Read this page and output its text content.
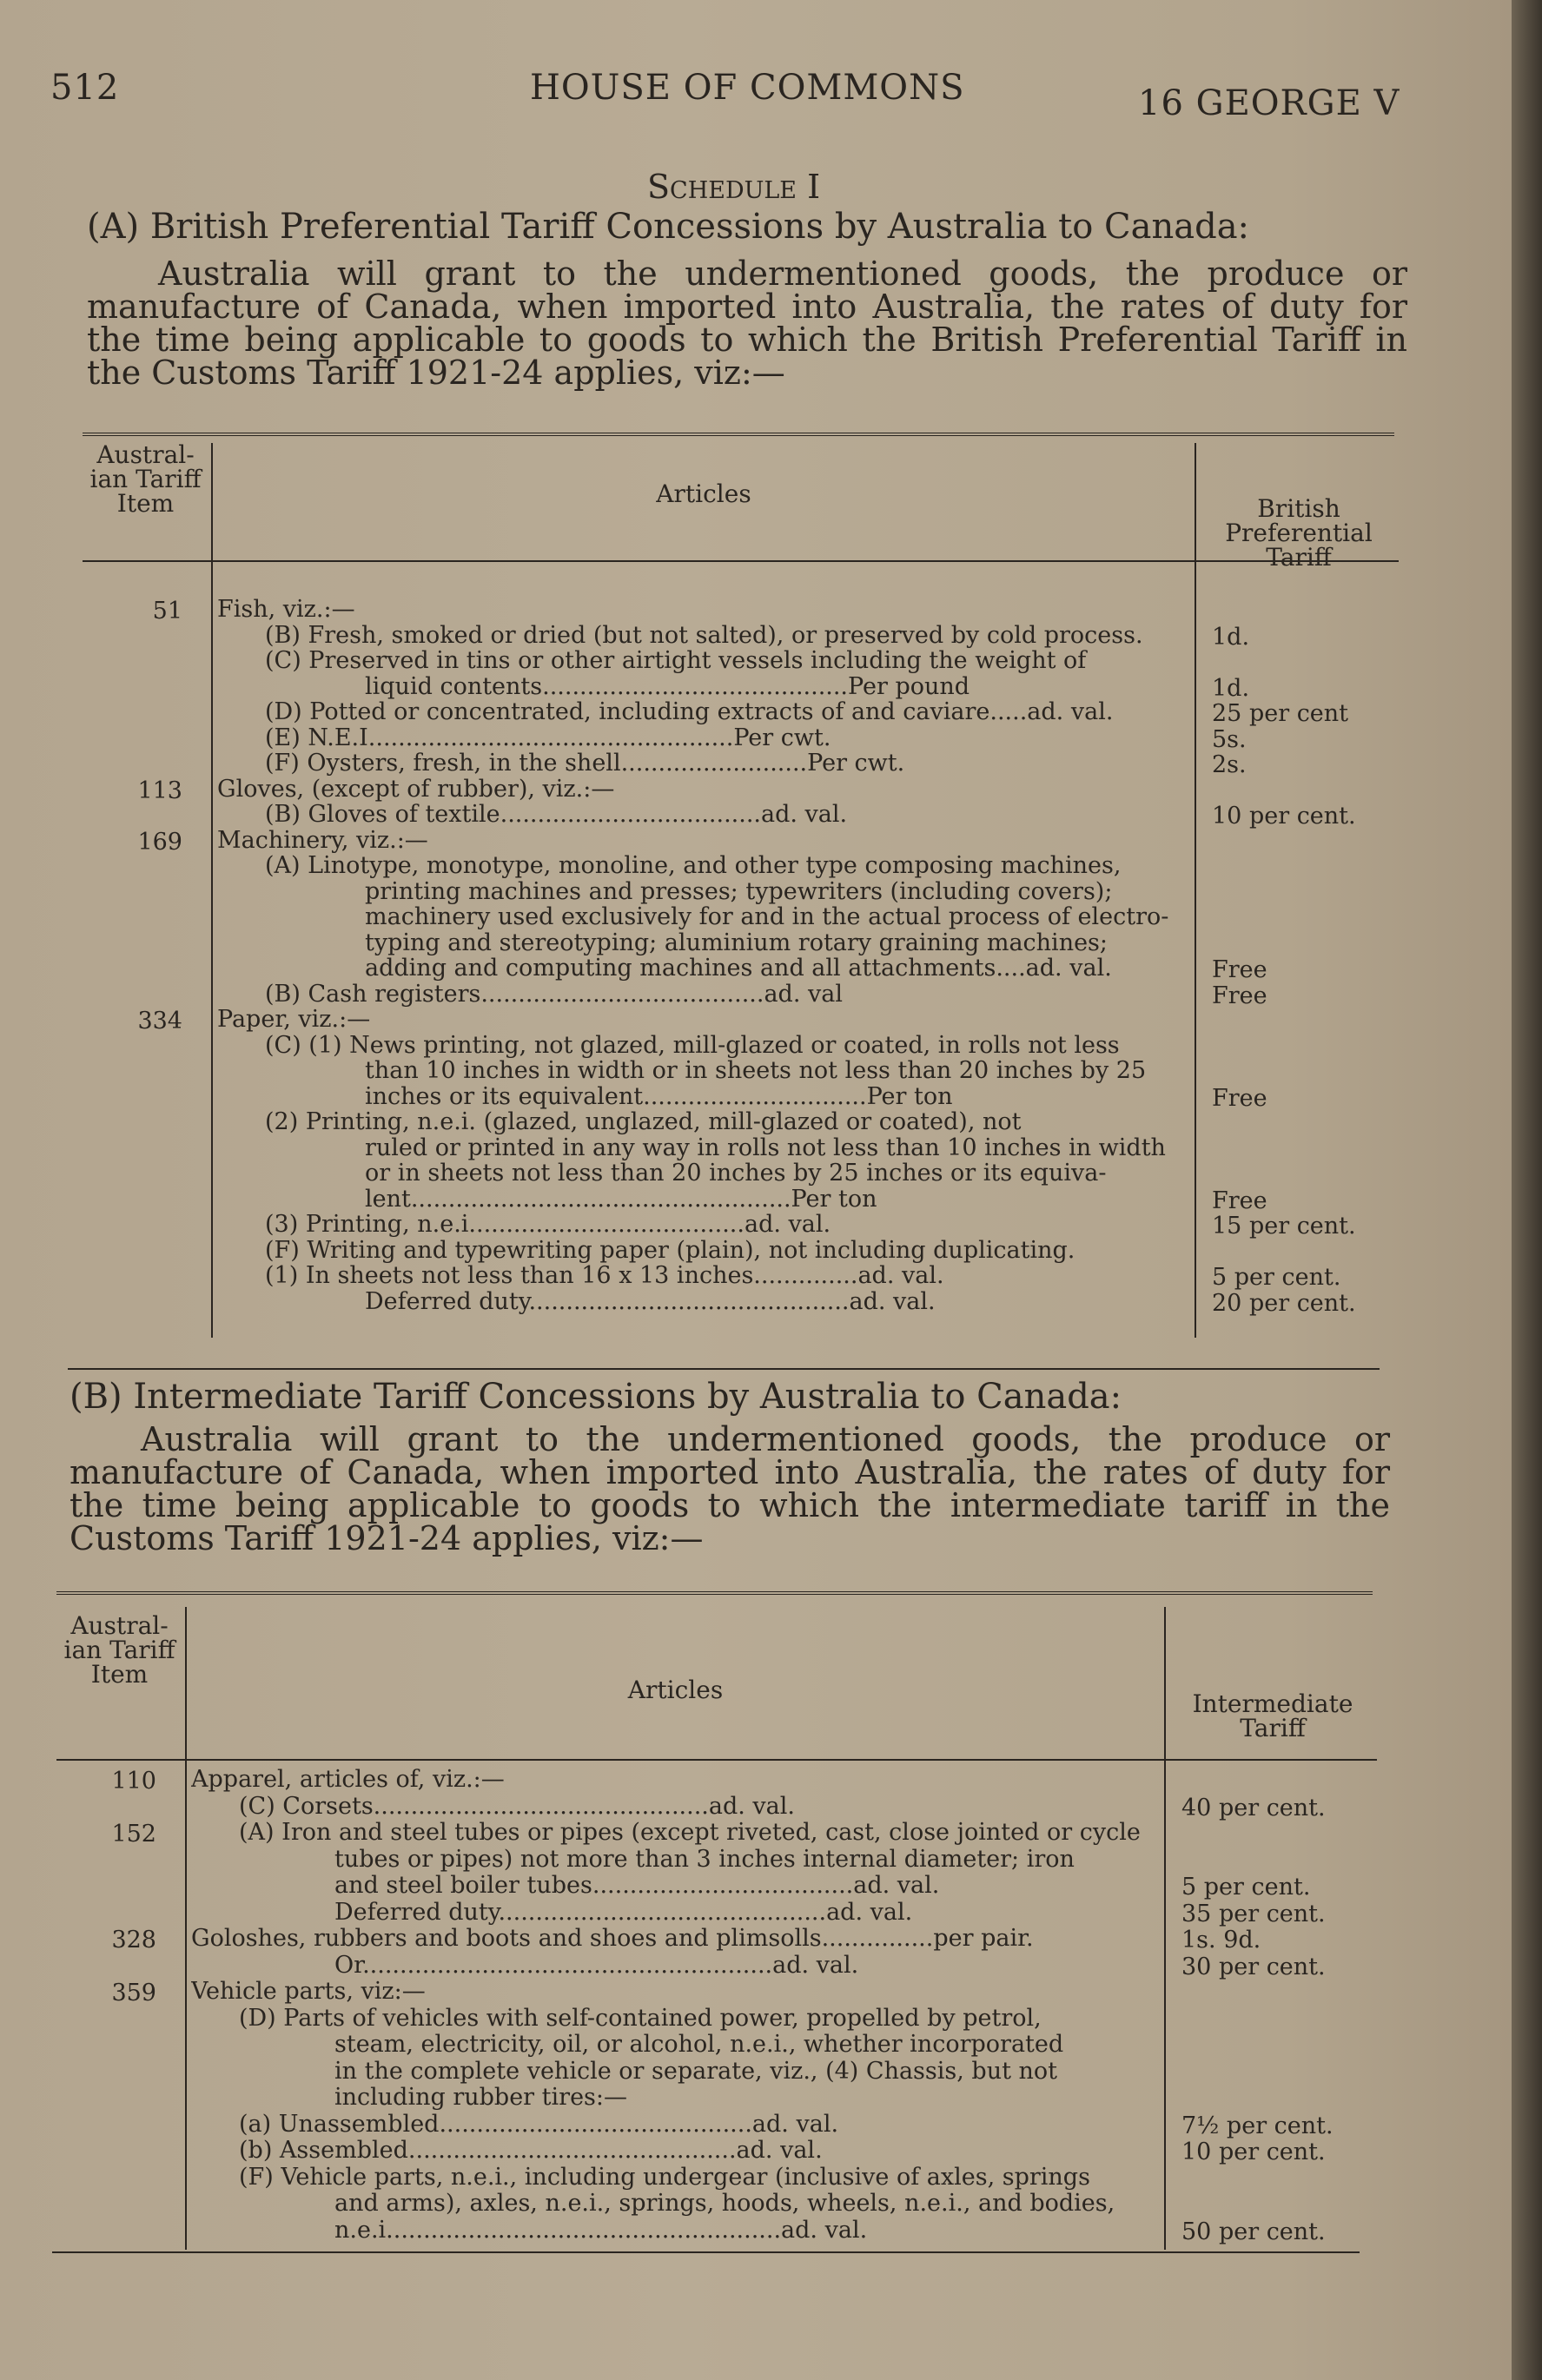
512	HOUSE OF COMMONS	16 GEORGE V
Schedule I
(A) British Preferential Tariff Concessions by Australia to Canada:
Australia will grant to the undermentioned goods, the produce or manufacture of Canada, when imported into Australia, the rates of duty for the time being applicable to goods to which the British Preferential Tariff in the Customs Tariff 1921-24 applies, viz:—
Austral-ian Tariff Item	Articles
British Preferential Tariff
51 Fish, viz.:—
(B) Fresh, smoked or dried (but not salted), or preserved by cold process.	1d.
(C) Preserved in tins or other airtight vessels including the weight of
liquid contents.........................................Per pound	1d.
(D) Potted or concentrated, including extracts of and caviare.....ad. val.	25 per cent
(E) N.E.I.................................................Per cwt.	5s.
(F) Oysters, fresh, in the shell.........................Per cwt.	2s.
113 Gloves, (except of rubber), viz.:—
(B) Gloves of textile...................................ad. val.	10 per cent.
169 Machinery, viz.:—
(A) Linotype, monotype, monoline, and other type composing machines,
printing machines and presses; typewriters (including covers);
machinery used exclusively for and in the actual process of electro-
typing and stereotyping; aluminium rotary graining machines;
adding and computing machines and all attachments....ad. val.	Free
(B) Cash registers......................................ad. val	Free
334 Paper, viz.:—
(C) (1) News printing, not glazed, mill-glazed or coated, in rolls not less
than 10 inches in width or in sheets not less than 20 inches by 25
inches or its equivalent..............................Per ton	Free
(2) Printing, n.e.i. (glazed, unglazed, mill-glazed or coated), not
ruled or printed in any way in rolls not less than 10 inches in width
or in sheets not less than 20 inches by 25 inches or its equiva-
lent...................................................Per ton	Free
(3) Printing, n.e.i.....................................ad. val.	15 per cent.
(F) Writing and typewriting paper (plain), not including duplicating.
(1) In sheets not less than 16 x 13 inches..............ad. val.	5 per cent.
Deferred duty...........................................ad. val.	20 per cent.
(B) Intermediate Tariff Concessions by Australia to Canada:
Australia will grant to the undermentioned goods, the produce or manufacture of Canada, when imported into Australia, the rates of duty for the time being applicable to goods to which the intermediate tariff in the Customs Tariff 1921-24 applies, viz:—
Austral-ian Tariff Item
Articles	Intermediate Tariff
110 Apparel, articles of, viz.:—
(C) Corsets.............................................ad. val.	40 per cent.
152	(A) Iron and steel tubes or pipes (except riveted, cast, close jointed or cycle
tubes or pipes) not more than 3 inches internal diameter; iron
and steel boiler tubes...................................ad. val.	5 per cent.
Deferred duty............................................ad. val.	35 per cent.
328 Goloshes, rubbers and boots and shoes and plimsolls...............per pair.	1s. 9d.
Or.......................................................ad. val.	30 per cent.
359 Vehicle parts, viz:—
(D) Parts of vehicles with self-contained power, propelled by petrol,
steam, electricity, oil, or alcohol, n.e.i., whether incorporated
in the complete vehicle or separate, viz., (4) Chassis, but not
including rubber tires:—
(a) Unassembled..........................................ad. val.	7½ per cent.
(b) Assembled............................................ad. val.	10 per cent.
(F) Vehicle parts, n.e.i., including undergear (inclusive of axles, springs
and arms), axles, n.e.i., springs, hoods, wheels, n.e.i., and bodies,
n.e.i.....................................................ad. val.	50 per cent.
